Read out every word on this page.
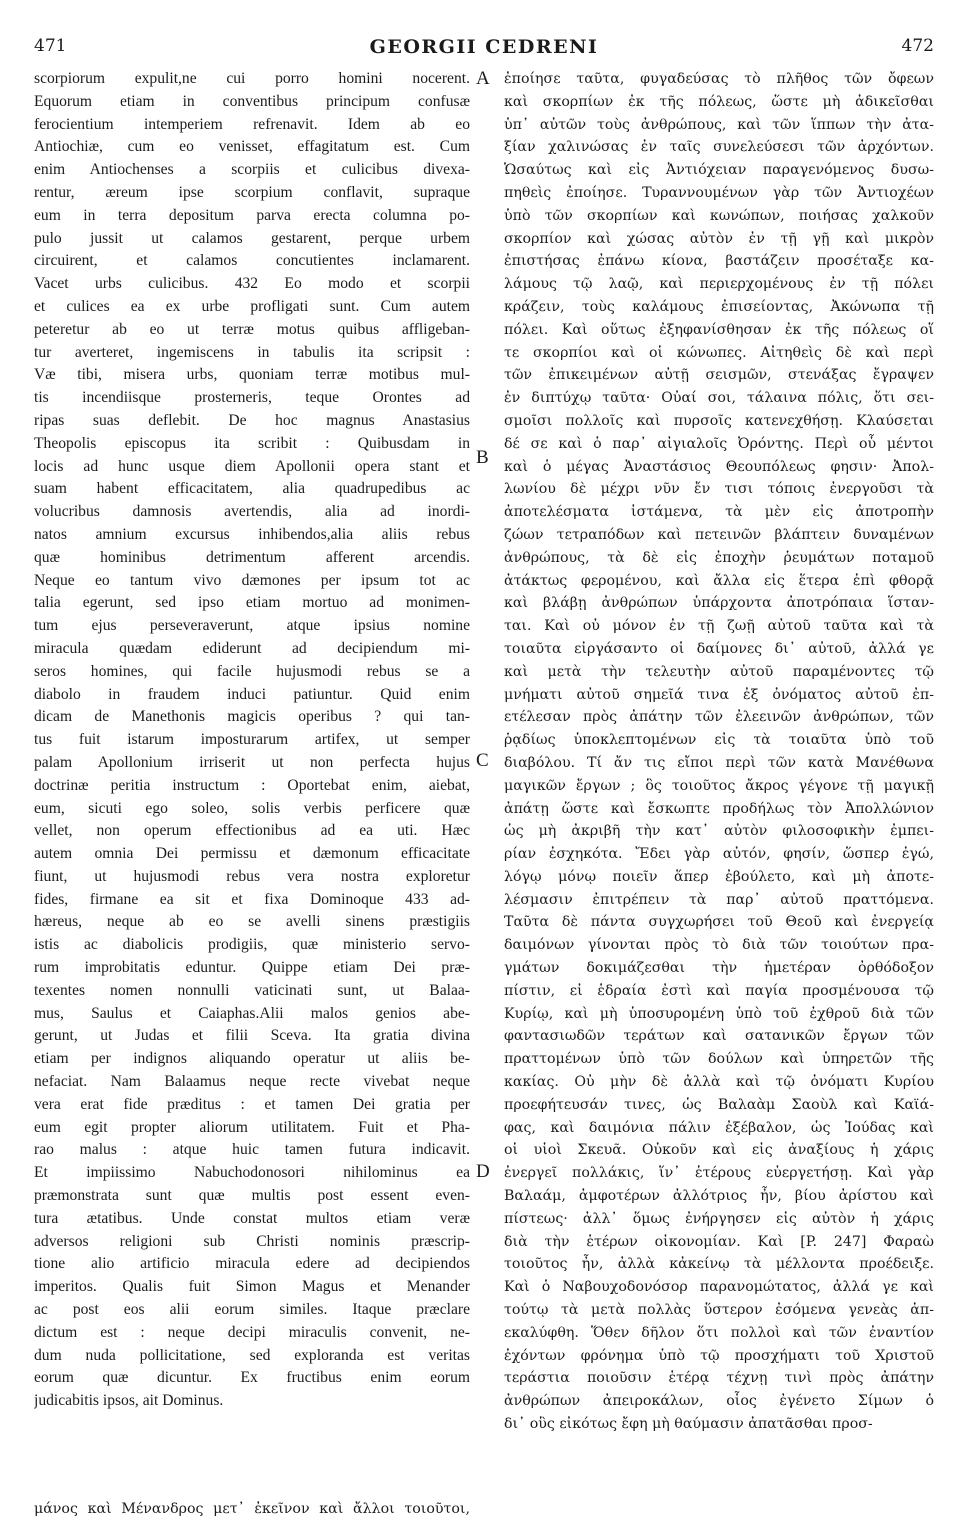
471	GEORGII CEDRENI	472
scorpiorum expulit,ne cui porro homini nocerent.
Equorum etiam in conventibus principum confusæ
ferocientium intemperiem refrenavit. Idem ab eo
Antiochiæ, cum eo venisset, effagitatum est. Cum
enim Antiochenses a scorpiis et culicibus divexa-
rentur, æreum ipse scorpium conflavit, supraque
eum in terra depositum parva erecta columna po-
pulo jussit ut calamos gestarent, perque urbem
circuirent, et calamos concutientes inclamarent.
Vacet urbs culicibus. 432 Eo modo et scorpii
et culices ea ex urbe profligati sunt. Cum autem
peteretur ab eo ut terræ motus quibus affligeban-
tur averteret, ingemiscens in tabulis ita scripsit :
Væ tibi, misera urbs, quoniam terræ motibus mul-
tis incendiisque prosterneris, teque Orontes ad
ripas suas deflebit. De hoc magnus Anastasius
Theopolis episcopus ita scribit : Quibusdam in
locis ad hunc usque diem Apollonii opera stant et
suam habent efficacitatem, alia quadrupedibus ac
volucribus damnosis avertendis, alia ad inordi-
natos amnium excursus inhibendos,alia aliis rebus
quæ hominibus detrimentum afferent arcendis.
Neque eo tantum vivo dæmones per ipsum tot ac
talia egerunt, sed ipso etiam mortuo ad monimen-
tum ejus perseveraverunt, atque ipsius nomine
miracula quædam ediderunt ad decipiendum mi-
seros homines, qui facile hujusmodi rebus se a
diabolo in fraudem induci patiuntur. Quid enim
dicam de Manethonis magicis operibus ? qui tan-
tus fuit istarum imposturarum artifex, ut semper
palam Apollonium irriserit ut non perfecta hujus
doctrinæ peritia instructum : Oportebat enim, aiebat,
eum, sicuti ego soleo, solis verbis perficere quæ
vellet, non operum effectionibus ad ea uti. Hæc
autem omnia Dei permissu et dæmonum efficacitate
fiunt, ut hujusmodi rebus vera nostra exploretur
fides, firmane ea sit et fixa Dominoque 433 ad-
hæreus, neque ab eo se avelli sinens præstigiis
istis ac diabolicis prodigiis, quæ ministerio servo-
rum improbitatis eduntur. Quippe etiam Dei præ-
texentes nomen nonnulli vaticinati sunt, ut Balaa-
mus, Saulus et Caiaphas.Alii malos genios abe-
gerunt, ut Judas et filii Sceva. Ita gratia divina
etiam per indignos aliquando operatur ut aliis be-
nefaciat. Nam Balaamus neque recte vivebat neque
vera erat fide præditus : et tamen Dei gratia per
eum egit propter aliorum utilitatem. Fuit et Pha-
rao malus : atque huic tamen futura indicavit.
Et impiissimo Nabuchodonosori nihilominus ea
præmonstrata sunt quæ multis post essent even-
tura ætatibus. Unde constat multos etiam veræ
adversos religioni sub Christi nominis præscrip-
tione alio artificio miracula edere ad decipiendos
imperitos. Qualis fuit Simon Magus et Menander
ac post eos alii eorum similes. Itaque præclare
dictum est : neque decipi miraculis convenit, ne-
dum nuda pollicitatione, sed exploranda est veritas
eorum quæ dicuntur. Ex fructibus enim eorum
judicabitis ipsos, ait Dominus.
ἐποίησε ταῦτα, φυγαδεύσας τὸ πλῆθος τῶν ὄφεων
καὶ σκορπίων ἐκ τῆς πόλεως, ὥστε μὴ ἀδικεῖσθαι
ὑπ᾽ αὐτῶν τοὺς ἀνθρώπους, καὶ τῶν ἵππων τὴν ἀτα-
ξίαν χαλινώσας ἐν ταῖς συνελεύσεσι τῶν ἀρχόντων.
Ὡσαύτως καὶ εἰς Ἀντιόχειαν παραγενόμενος δυσω-
πηθεὶς ἐποίησε. Τυραννουμένων γὰρ τῶν Ἀντιοχέων
ὑπὸ τῶν σκορπίων καὶ κωνώπων, ποιήσας χαλκοῦν
σκορπίον καὶ χώσας αὐτὸν ἐν τῇ γῇ καὶ μικρὸν
ἐπιστήσας ἐπάνω κίονα, βαστάζειν προσέταξε κα-
λάμους τῷ λαῷ, καὶ περιερχομένους ἐν τῇ πόλει
κράζειν, τοὺς καλάμους ἐπισείοντας, Ἀκώνωπα τῇ
πόλει. Καὶ οὕτως ἐξηφανίσθησαν ἐκ τῆς πόλεως οἵ
τε σκορπίοι καὶ οἱ κώνωπες. Αἰτηθεὶς δὲ καὶ περὶ
τῶν ἐπικειμένων αὐτῇ σεισμῶν, στενάξας ἔγραψεν
ἐν διπτύχῳ ταῦτα· Οὐαί σοι, τάλαινα πόλις, ὅτι σει-
σμοῖσι πολλοῖς καὶ πυρσοῖς κατενεχθήσῃ. Κλαύσεται
δέ σε καὶ ὁ παρ᾽ αἰγιαλοῖς Ὀρόντης. Περὶ οὗ μέντοι
καὶ ὁ μέγας Ἀναστάσιος Θεουπόλεως φησιν· Ἀπολ-
λωνίου δὲ μέχρι νῦν ἔν τισι τόποις ἐνεργοῦσι τὰ
ἀποτελέσματα ἱστάμενα, τὰ μὲν εἰς ἀποτροπὴν
ζώων τετραπόδων καὶ πετεινῶν βλάπτειν δυναμένων
ἀνθρώπους, τὰ δὲ εἰς ἐποχὴν ῥευμάτων ποταμοῦ
ἀτάκτως φερομένου, καὶ ἄλλα εἰς ἕτερα ἐπὶ φθορᾷ
καὶ βλάβῃ ἀνθρώπων ὑπάρχοντα ἀποτρόπαια ἵσταν-
ται. Καὶ οὐ μόνον ἐν τῇ ζωῇ αὐτοῦ ταῦτα καὶ τὰ
τοιαῦτα εἰργάσαντο οἱ δαίμονες δι᾽ αὐτοῦ, ἀλλά γε
καὶ μετὰ τὴν τελευτὴν αὐτοῦ παραμένοντες τῷ
μνήματι αὐτοῦ σημεῖά τινα ἐξ ὀνόματος αὐτοῦ ἐπ-
ετέλεσαν πρὸς ἀπάτην τῶν ἐλεεινῶν ἀνθρώπων, τῶν
ῥᾳδίως ὑποκλεπτομένων εἰς τὰ τοιαῦτα ὑπὸ τοῦ
διαβόλου. Τί ἄν τις εἴποι περὶ τῶν κατὰ Μανέθωνα
μαγικῶν ἔργων ; ὃς τοιοῦτος ἄκρος γέγονε τῇ μαγικῇ
ἀπάτῃ ὥστε καὶ ἔσκωπτε προδήλως τὸν Ἀπολλώνιον
ὡς μὴ ἀκριβῆ τὴν κατ᾽ αὐτὸν φιλοσοφικὴν ἐμπει-
ρίαν ἐσχηκότα. Ἔδει γὰρ αὐτόν, φησίν, ὥσπερ ἐγώ,
λόγῳ μόνῳ ποιεῖν ἅπερ ἐβούλετο, καὶ μὴ ἀποτε-
λέσμασιν ἐπιτρέπειν τὰ παρ᾽ αὐτοῦ πραττόμενα.
Ταῦτα δὲ πάντα συγχωρήσει τοῦ Θεοῦ καὶ ἐνεργείᾳ
δαιμόνων γίνονται πρὸς τὸ διὰ τῶν τοιούτων πρα-
γμάτων δοκιμάζεσθαι τὴν ἡμετέραν ὀρθόδοξον
πίστιν, εἰ ἑδραία ἐστὶ καὶ παγία προσμένουσα τῷ
Κυρίῳ, καὶ μὴ ὑποσυρομένη ὑπὸ τοῦ ἐχθροῦ διὰ τῶν
φαντασιωδῶν τεράτων καὶ σατανικῶν ἔργων τῶν
πραττομένων ὑπὸ τῶν δούλων καὶ ὑπηρετῶν τῆς
κακίας. Οὐ μὴν δὲ ἀλλὰ καὶ τῷ ὀνόματι Κυρίου
προεφήτευσάν τινες, ὡς Βαλαὰμ Σαοὺλ καὶ Καϊά-
φας, καὶ δαιμόνια πάλιν ἐξέβαλον, ὡς Ἰούδας καὶ
οἱ υἱοὶ Σκευᾶ. Οὐκοῦν καὶ εἰς ἀναξίους ἡ χάρις
ἐνεργεῖ πολλάκις, ἵν᾽ ἑτέρους εὐεργετήσῃ. Καὶ γὰρ
Βαλαάμ, ἀμφοτέρων ἀλλότριος ἦν, βίου ἀρίστου καὶ
πίστεως· ἀλλ᾽ ὅμως ἐνήργησεν εἰς αὐτὸν ἡ χάρις
διὰ τὴν ἑτέρων οἰκονομίαν. Καὶ [P. 247] Φαραὼ
τοιοῦτος ἦν, ἀλλὰ κἀκείνῳ τὰ μέλλοντα προέδειξε.
Καὶ ὁ Ναβουχοδονόσορ παρανομώτατος, ἀλλά γε καὶ
τούτῳ τὰ μετὰ πολλὰς ὕστερον ἐσόμενα γενεὰς ἀπ-
εκαλύφθη. Ὅθεν δῆλον ὅτι πολλοὶ καὶ τῶν ἐναντίον
ἐχόντων φρόνημα ὑπὸ τῷ προσχήματι τοῦ Χριστοῦ
τεράστια ποιοῦσιν ἑτέρᾳ τέχνῃ τινὶ πρὸς ἀπάτην
ἀνθρώπων ἀπειροκάλων, οἷος ἐγένετο Σίμων ὁ
δι᾽ οὓς εἰκότως ἔφη μὴ θαύμασιν ἀπατᾶσθαι προσ-
A
B
C
D
μάνος καὶ Μένανδρος μετ᾽ ἐκεῖνον καὶ ἄλλοι τοιοῦτοι,
